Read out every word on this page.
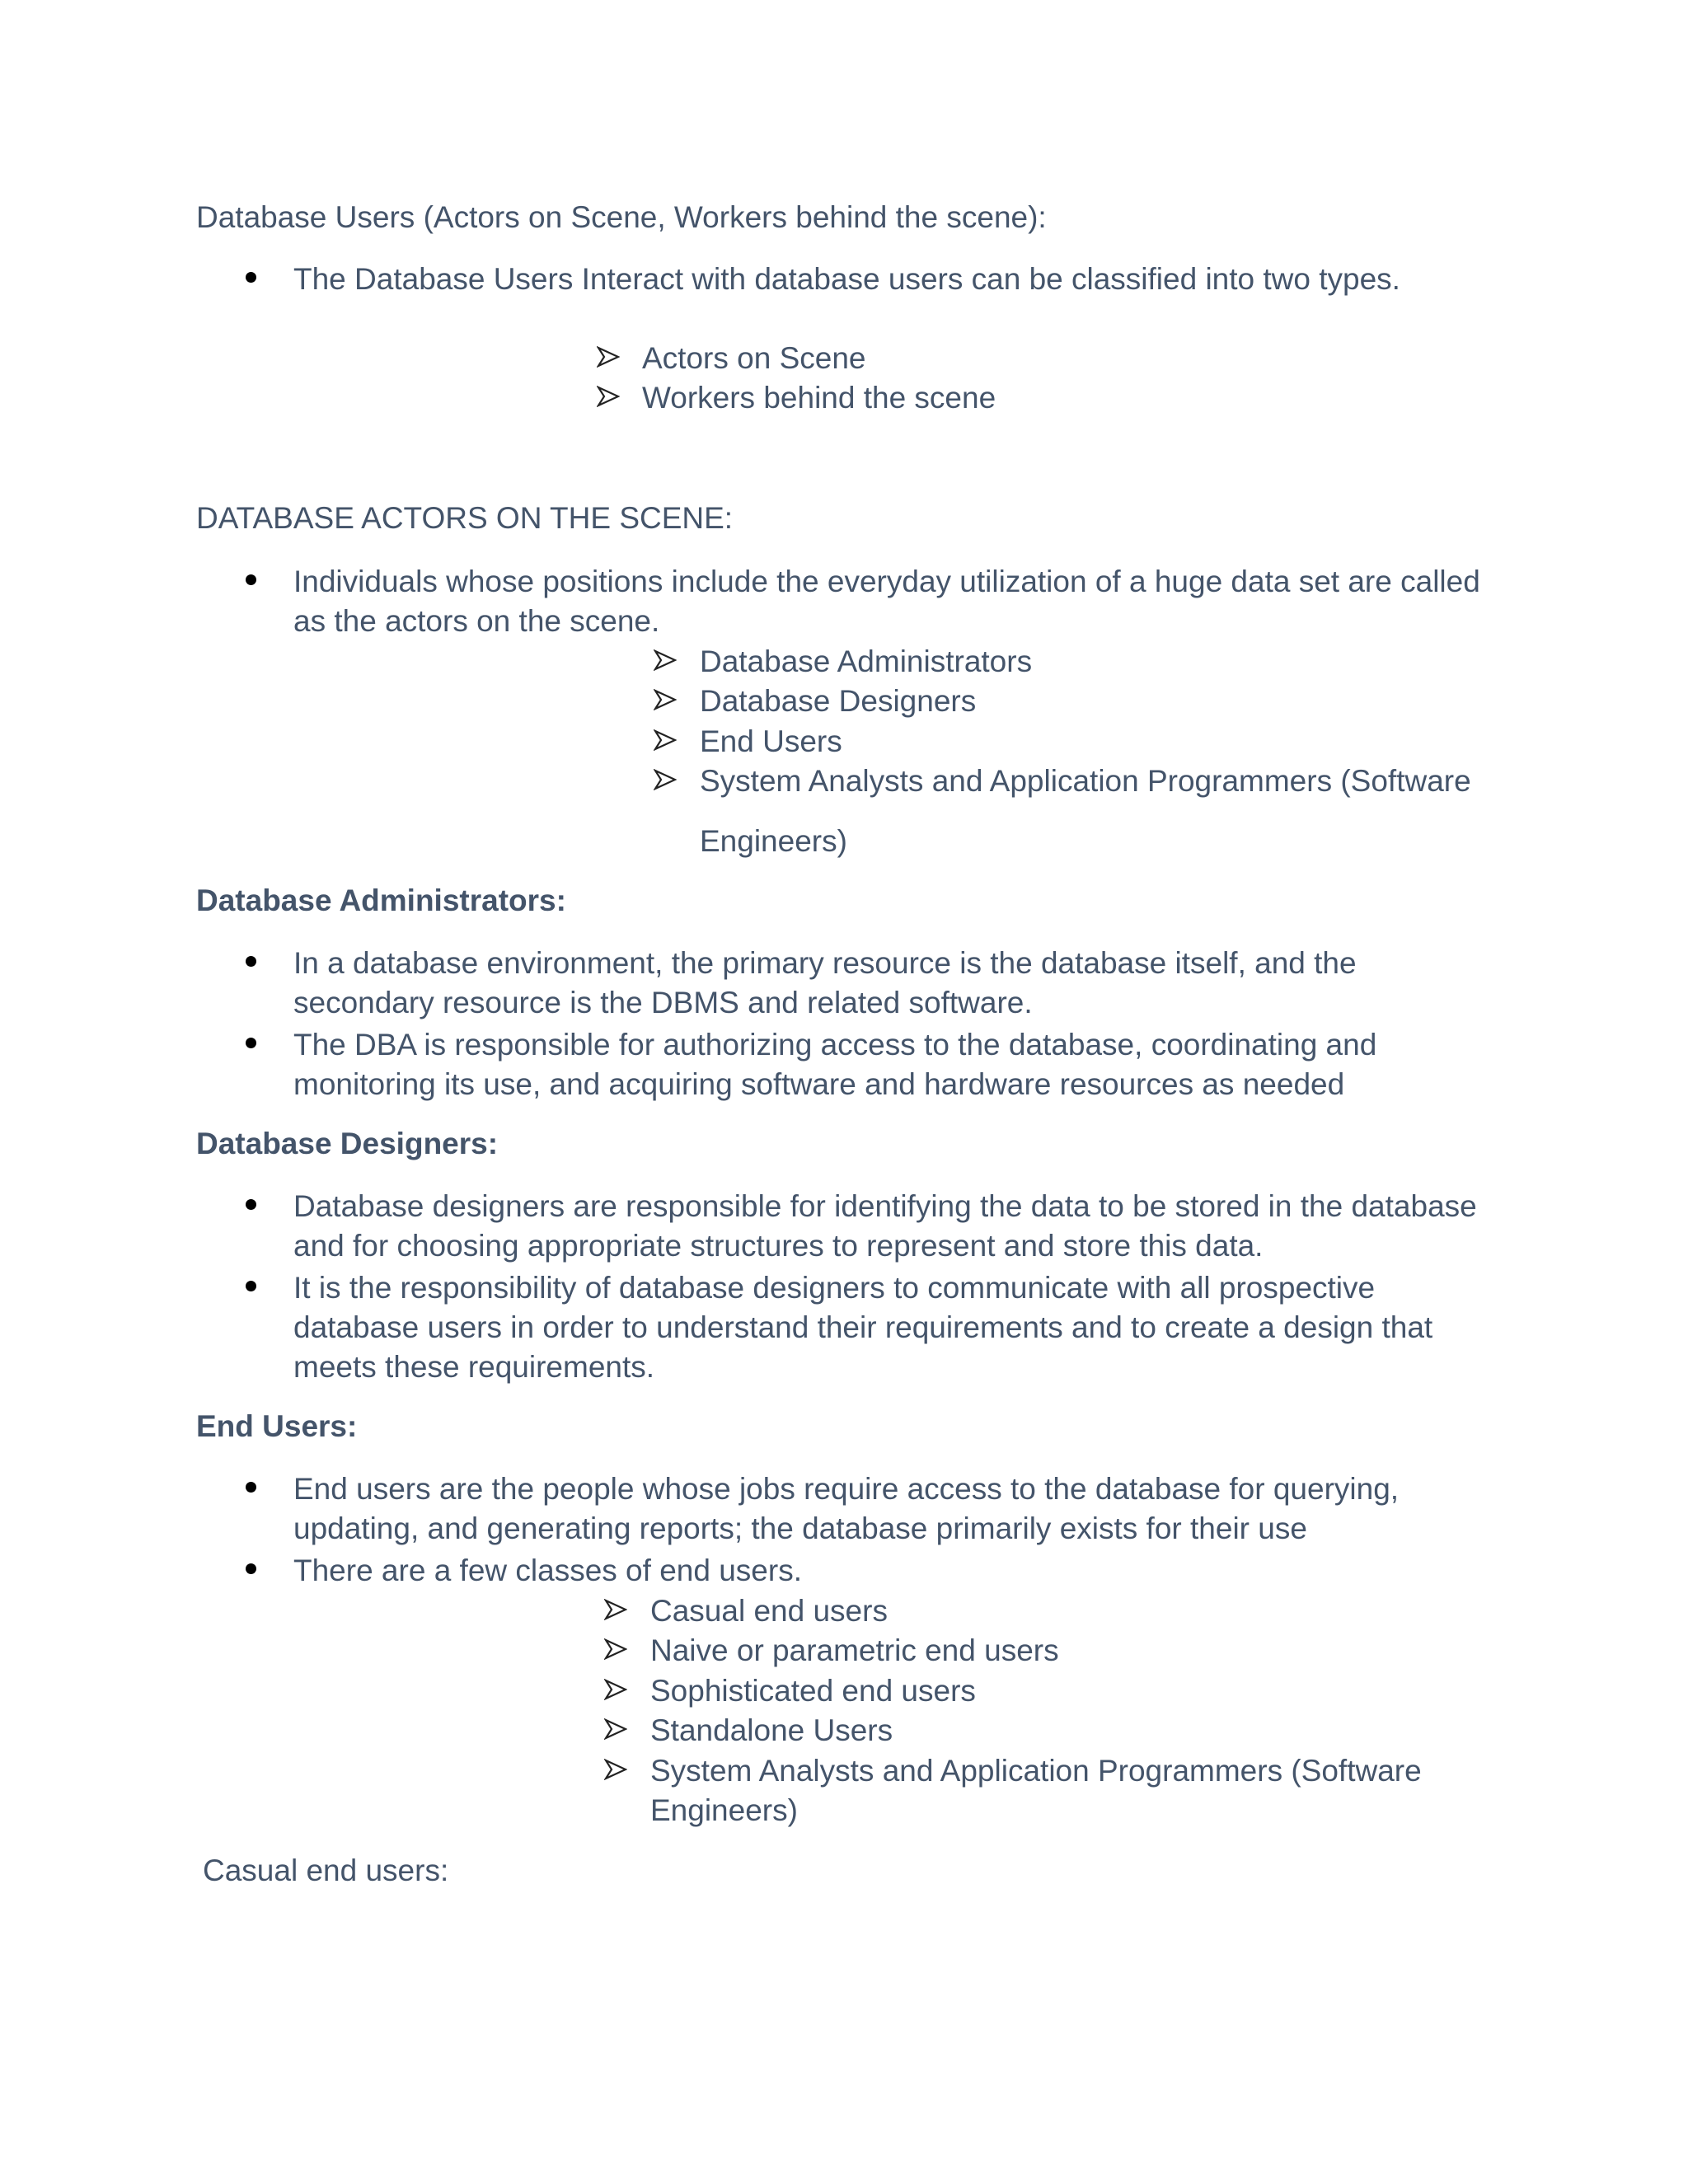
Database Users (Actors on Scene, Workers behind the scene):
The Database Users Interact with database users can be classified into two types.
Actors on Scene
Workers behind the scene
DATABASE ACTORS ON THE SCENE:
Individuals whose positions include the everyday utilization of a huge data set are called
as the actors on the scene.
Database Administrators
Database Designers
End Users
System Analysts and Application Programmers (Software
Engineers)
Database Administrators:
In a database environment, the primary resource is the database itself, and the
secondary resource is the DBMS and related software.
The DBA is responsible for authorizing access to the database, coordinating and
monitoring its use, and acquiring software and hardware resources as needed
Database Designers:
Database designers are responsible for identifying the data to be stored in the database
and for choosing appropriate structures to represent and store this data.
It is the responsibility of database designers to communicate with all prospective
database users in order to understand their requirements and to create a design that
meets these requirements.
End Users:
End users are the people whose jobs require access to the database for querying,
updating, and generating reports; the database primarily exists for their use
There are a few classes of end users.
Casual end users
Naive or parametric end users
Sophisticated end users
Standalone Users
System Analysts and Application Programmers (Software
Engineers)
Casual end users:
